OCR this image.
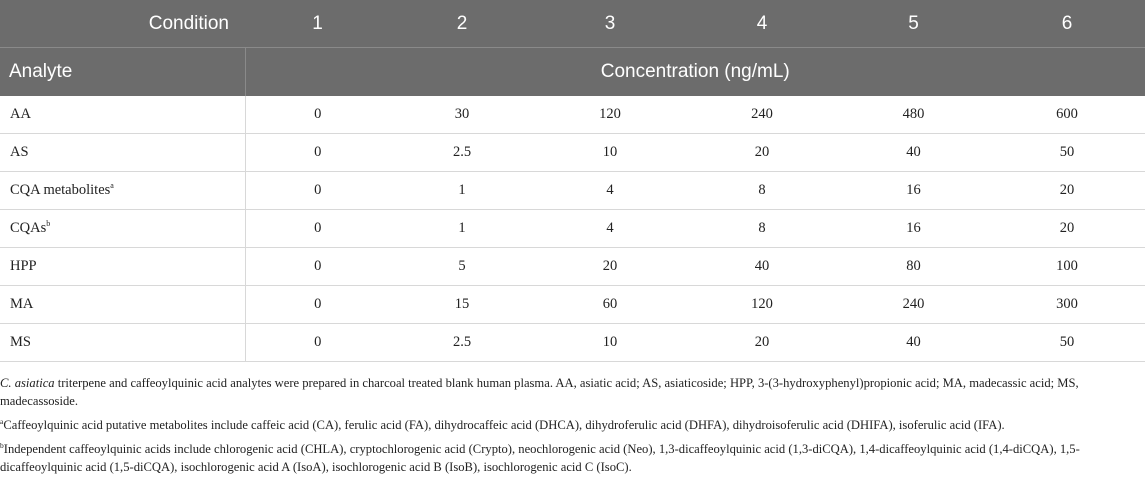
Condition	1	2	3	4	5	6
Analyte	Concentration (ng/mL)					
AA	0	30	120	240	480	600
AS	0	2.5	10	20	40	50
CQA metabolites$^a$	0	1	4	8	16	20
CQAs$^b$	0	1	4	8	16	20
HPP	0	5	20	40	80	100
MA	0	15	60	120	240	300
MS	0	2.5	10	20	40	50

C. asiatica triterpene and caffeoylquinic acid analytes were prepared in charcoal treated blank human plasma. AA, asiatic acid; AS, asiaticoside; HPP, 3-(3-hydroxyphenyl)propionic acid; MA, madecassic acid; MS, madecassoside.

$^a$Caffeoylquinic acid putative metabolites include caffeic acid (CA), ferulic acid (FA), dihydrocaffeic acid (DHCA), dihydroferulic acid (DHFA), dihydroisoferulic acid (DHIFA), isoferulic acid (IFA).

$^b$Independent caffeoylquinic acids include chlorogenic acid (CHLA), cryptochlorogenic acid (Crypto), neochlorogenic acid (Neo), 1,3-dicaffeoylquinic acid (1,3-diCQA), 1,4-dicaffeoylquinic acid (1,4-diCQA), 1,5-dicaffeoylquinic acid (1,5-diCQA), isochlorogenic acid A (IsoA), isochlorogenic acid B (IsoB), isochlorogenic acid C (IsoC).
